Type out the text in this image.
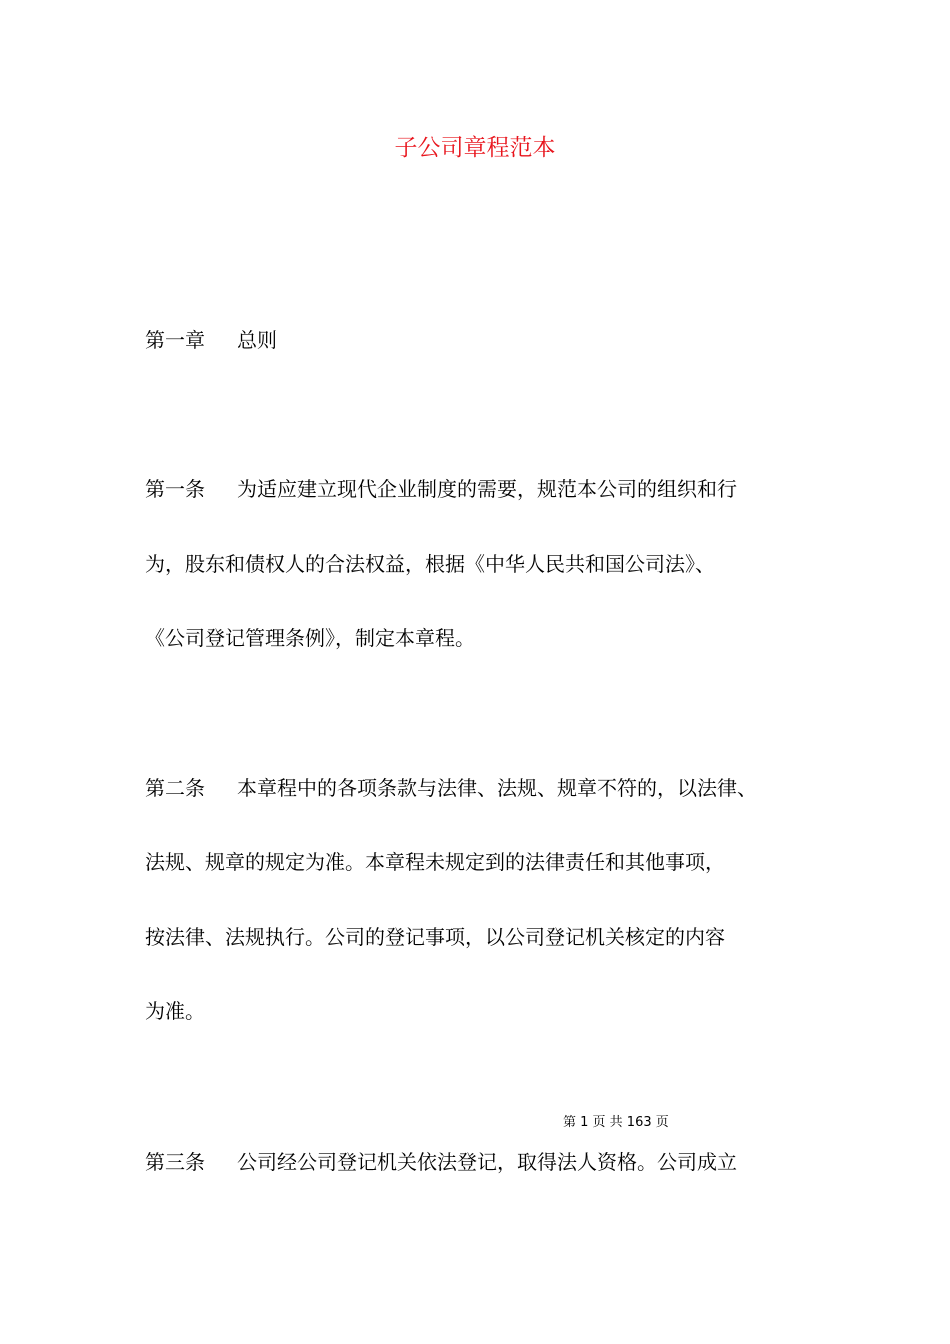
子公司章程范本
第一章 总则
第一条 为适应建立现代企业制度的需要，规范本公司的组织和行
为，股东和债权人的合法权益，根据《中华人民共和国公司法》、
《公司登记管理条例》，制定本章程。
第二条 本章程中的各项条款与法律、法规、规章不符的，以法律、
法规、规章的规定为准。本章程未规定到的法律责任和其他事项，
按法律、法规执行。公司的登记事项，以公司登记机关核定的内容
为准。
第 1 页 共 163 页
第三条 公司经公司登记机关依法登记，取得法人资格。公司成立
